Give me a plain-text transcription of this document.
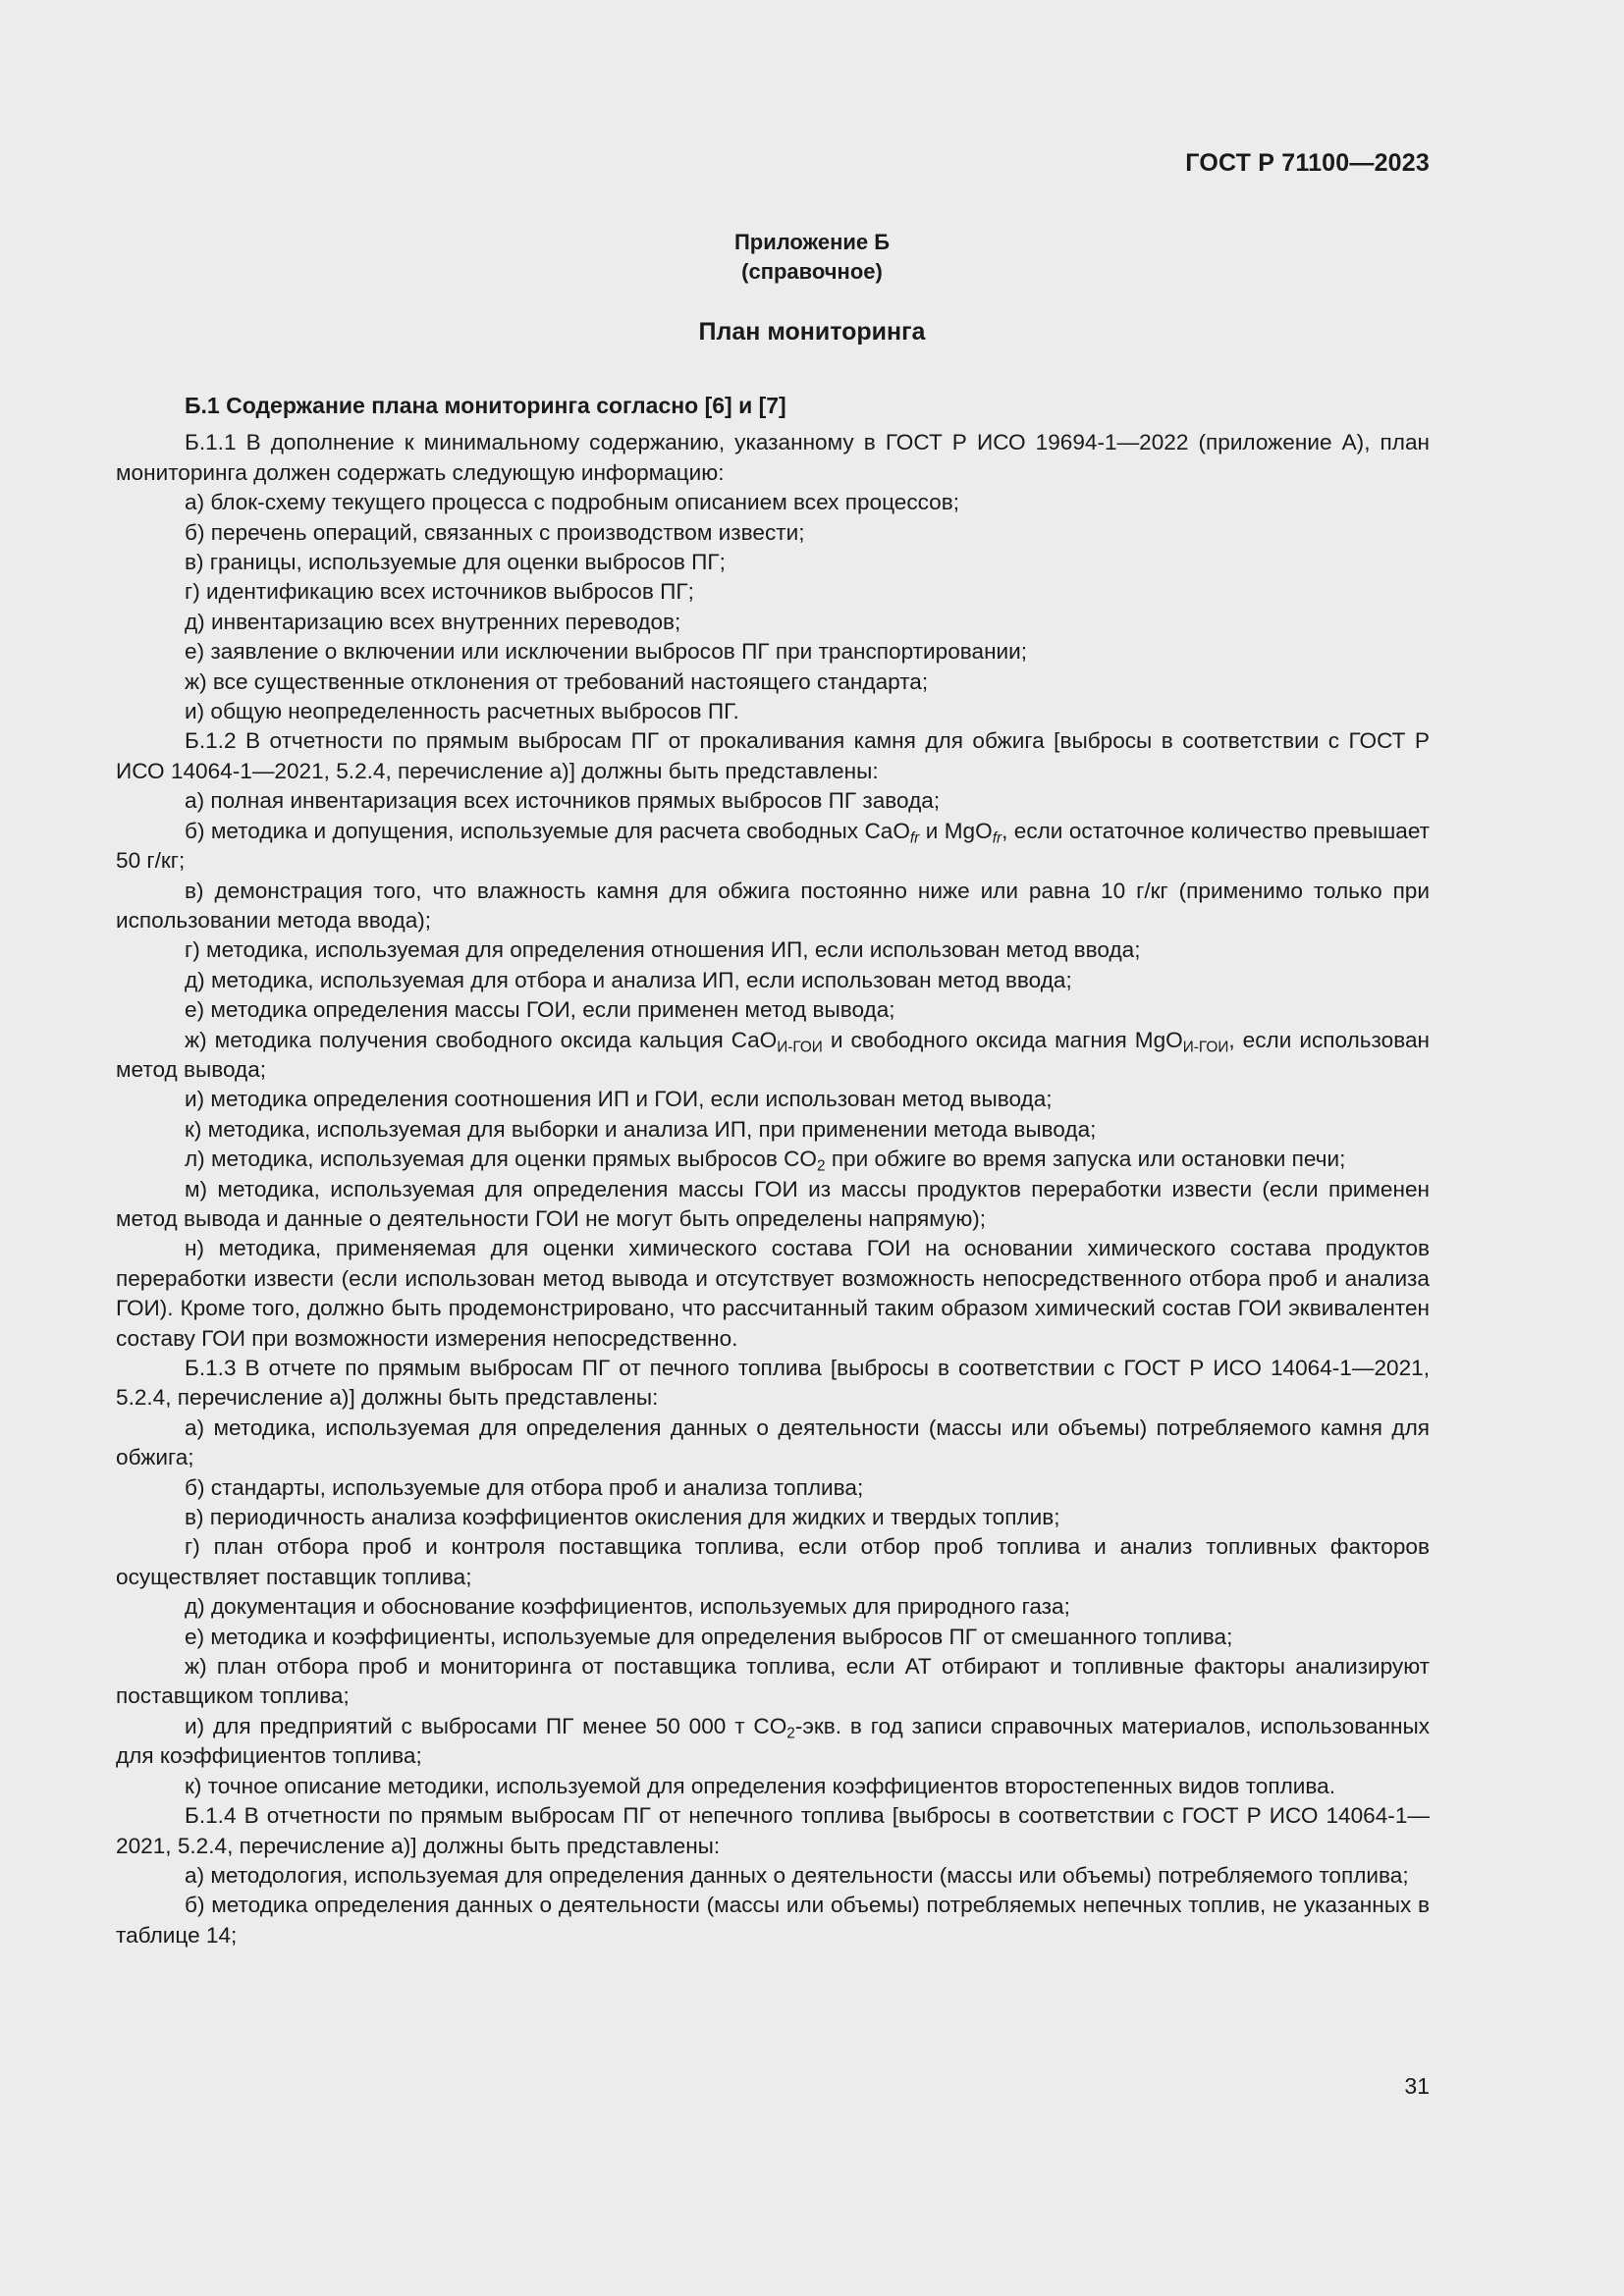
ГОСТ Р 71100—2023
Приложение Б
(справочное)
План мониторинга

Б.1 Содержание плана мониторинга согласно [6] и [7]

Б.1.1 В дополнение к минимальному содержанию, указанному в ГОСТ Р ИСО 19694-1—2022 (приложение А), план мониторинга должен содержать следующую информацию:

а) блок-схему текущего процесса с подробным описанием всех процессов;

б) перечень операций, связанных с производством извести;

в) границы, используемые для оценки выбросов ПГ;

г) идентификацию всех источников выбросов ПГ;

д) инвентаризацию всех внутренних переводов;

е) заявление о включении или исключении выбросов ПГ при транспортировании;

ж) все существенные отклонения от требований настоящего стандарта;

и) общую неопределенность расчетных выбросов ПГ.

Б.1.2 В отчетности по прямым выбросам ПГ от прокаливания камня для обжига [выбросы в соответствии с ГОСТ Р ИСО 14064-1—2021, 5.2.4, перечисление а)] должны быть представлены:

а) полная инвентаризация всех источников прямых выбросов ПГ завода;

б) методика и допущения, используемые для расчета свободных CaO$_{fr}$ и MgO$_{fr}$, если остаточное количество превышает 50 г/кг;

в) демонстрация того, что влажность камня для обжига постоянно ниже или равна 10 г/кг (применимо только при использовании метода ввода);

г) методика, используемая для определения отношения ИП, если использован метод ввода;

д) методика, используемая для отбора и анализа ИП, если использован метод ввода;

е) методика определения массы ГОИ, если применен метод вывода;

ж) методика получения свободного оксида кальция CaO$_{И-ГОИ}$ и свободного оксида магния MgO$_{И-ГОИ}$, если использован метод вывода;

и) методика определения соотношения ИП и ГОИ, если использован метод вывода;

к) методика, используемая для выборки и анализа ИП, при применении метода вывода;

л) методика, используемая для оценки прямых выбросов $CO_2$ при обжиге во время запуска или остановки печи;

м) методика, используемая для определения массы ГОИ из массы продуктов переработки извести (если применен метод вывода и данные о деятельности ГОИ не могут быть определены напрямую);

н) методика, применяемая для оценки химического состава ГОИ на основании химического состава продуктов переработки извести (если использован метод вывода и отсутствует возможность непосредственного отбора проб и анализа ГОИ). Кроме того, должно быть продемонстрировано, что рассчитанный таким образом химический состав ГОИ эквивалентен составу ГОИ при возможности измерения непосредственно.

Б.1.3 В отчете по прямым выбросам ПГ от печного топлива [выбросы в соответствии с ГОСТ Р ИСО 14064-1—2021, 5.2.4, перечисление а)] должны быть представлены:

а) методика, используемая для определения данных о деятельности (массы или объемы) потребляемого камня для обжига;

б) стандарты, используемые для отбора проб и анализа топлива;

в) периодичность анализа коэффициентов окисления для жидких и твердых топлив;

г) план отбора проб и контроля поставщика топлива, если отбор проб топлива и анализ топливных факторов осуществляет поставщик топлива;

д) документация и обоснование коэффициентов, используемых для природного газа;

е) методика и коэффициенты, используемые для определения выбросов ПГ от смешанного топлива;

ж) план отбора проб и мониторинга от поставщика топлива, если АТ отбирают и топливные факторы анализируют поставщиком топлива;

и) для предприятий с выбросами ПГ менее 50 000 т $CO_2$-экв. в год записи справочных материалов, использованных для коэффициентов топлива;

к) точное описание методики, используемой для определения коэффициентов второстепенных видов топлива.

Б.1.4 В отчетности по прямым выбросам ПГ от непечного топлива [выбросы в соответствии с ГОСТ Р ИСО 14064-1—2021, 5.2.4, перечисление а)] должны быть представлены:

а) методология, используемая для определения данных о деятельности (массы или объемы) потребляемого топлива;

б) методика определения данных о деятельности (массы или объемы) потребляемых непечных топлив, не указанных в таблице 14;

31
